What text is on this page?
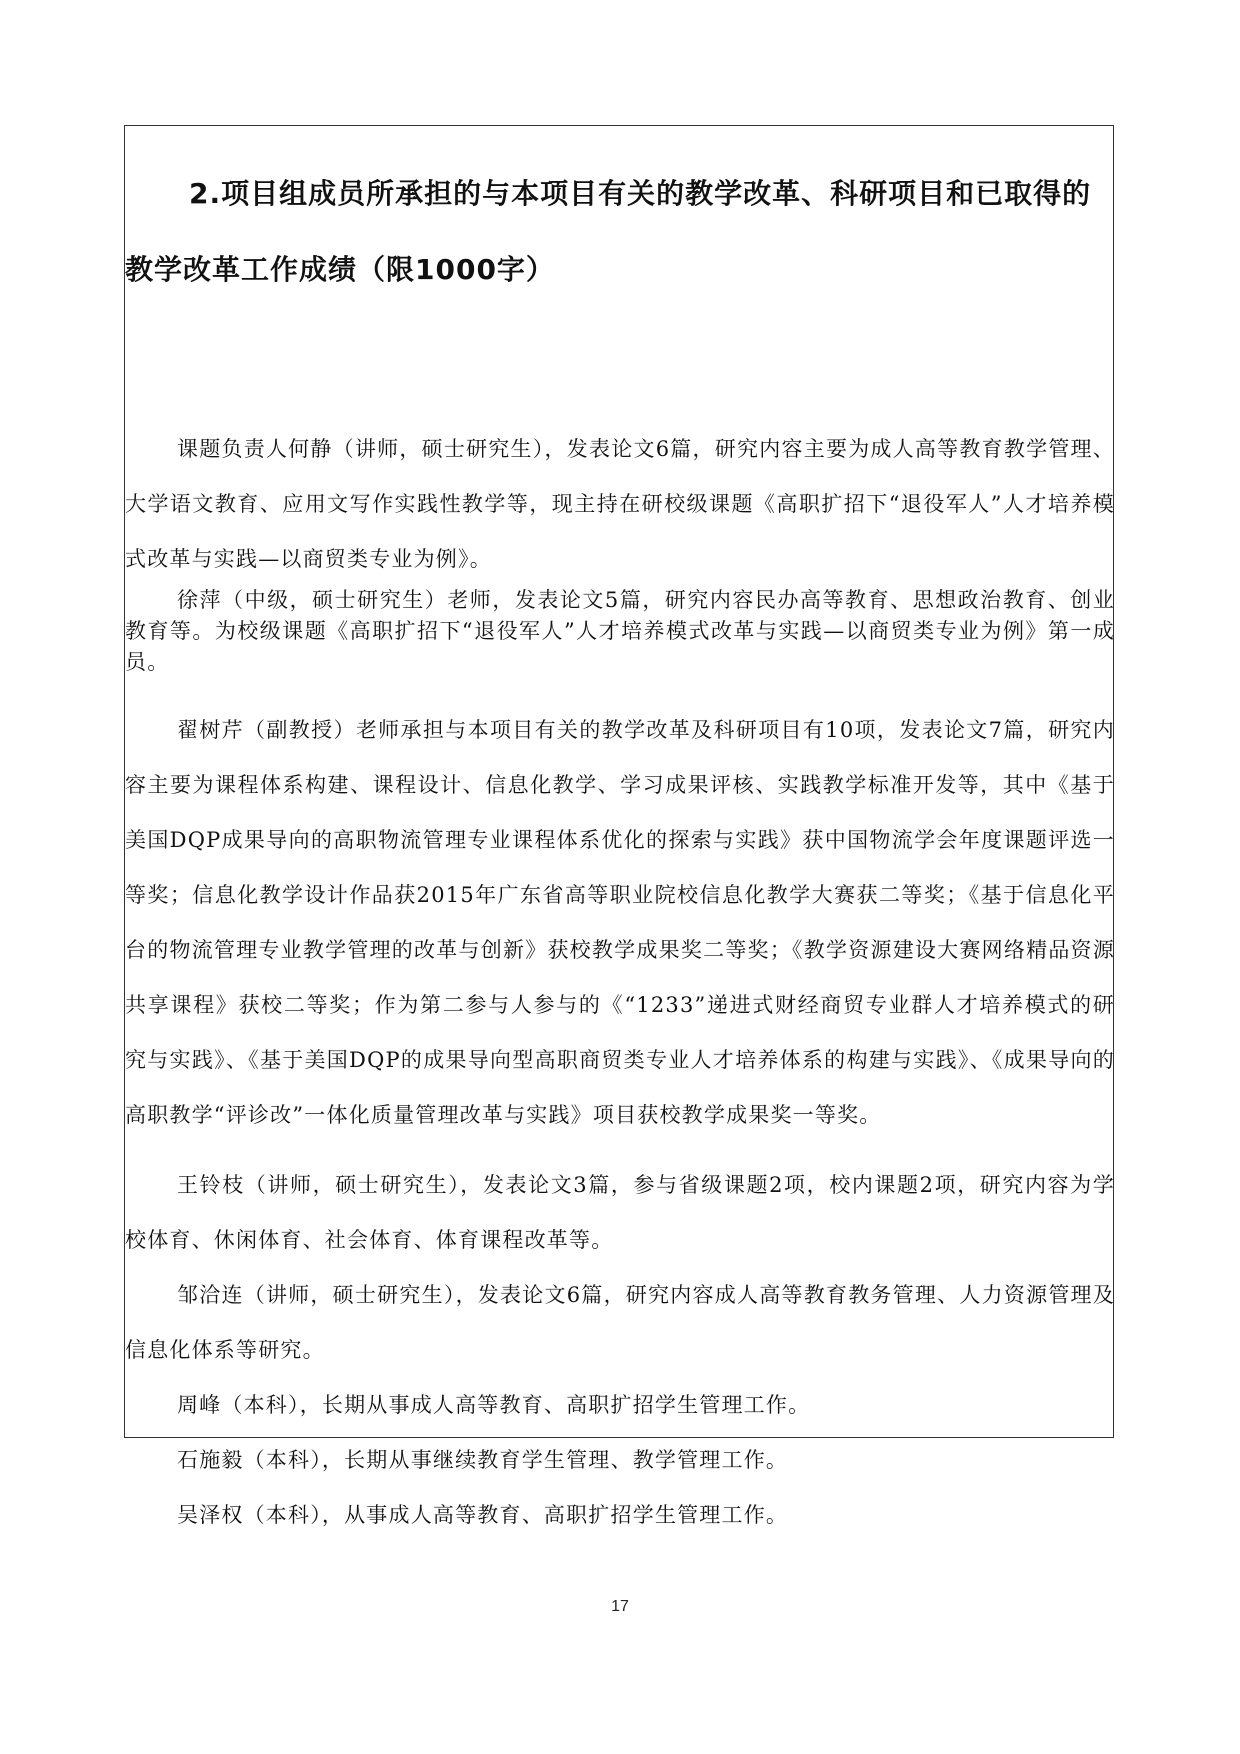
2.项目组成员所承担的与本项目有关的教学改革、科研项目和已取得的教学改革工作成绩（限1000字）

课题负责人何静（讲师，硕士研究生），发表论文6篇，研究内容主要为成人高等教育教学管理、大学语文教育、应用文写作实践性教学等，现主持在研校级课题《高职扩招下“退役军人”人才培养模式改革与实践—以商贸类专业为例》。

徐萍（中级，硕士研究生）老师，发表论文5篇，研究内容民办高等教育、思想政治教育、创业教育等。为校级课题《高职扩招下“退役军人”人才培养模式改革与实践—以商贸类专业为例》第一成员。

翟树芹（副教授）老师承担与本项目有关的教学改革及科研项目有10项，发表论文7篇，研究内容主要为课程体系构建、课程设计、信息化教学、学习成果评核、实践教学标准开发等，其中《基于美国DQP成果导向的高职物流管理专业课程体系优化的探索与实践》获中国物流学会年度课题评选一等奖；信息化教学设计作品获2015年广东省高等职业院校信息化教学大赛获二等奖；《基于信息化平台的物流管理专业教学管理的改革与创新》获校教学成果奖二等奖；《教学资源建设大赛网络精品资源共享课程》获校二等奖；作为第二参与人参与的《“1233”递进式财经商贸专业群人才培养模式的研究与实践》、《基于美国DQP的成果导向型高职商贸类专业人才培养体系的构建与实践》、《成果导向的高职教学“评诊改”一体化质量管理改革与实践》项目获校教学成果奖一等奖。

王铃枝（讲师，硕士研究生），发表论文3篇，参与省级课题2项，校内课题2项，研究内容为学校体育、休闲体育、社会体育、体育课程改革等。

邹洽连（讲师，硕士研究生），发表论文6篇，研究内容成人高等教育教务管理、人力资源管理及信息化体系等研究。

周峰（本科），长期从事成人高等教育、高职扩招学生管理工作。

石施毅（本科），长期从事继续教育学生管理、教学管理工作。

吴泽权（本科），从事成人高等教育、高职扩招学生管理工作。

17
